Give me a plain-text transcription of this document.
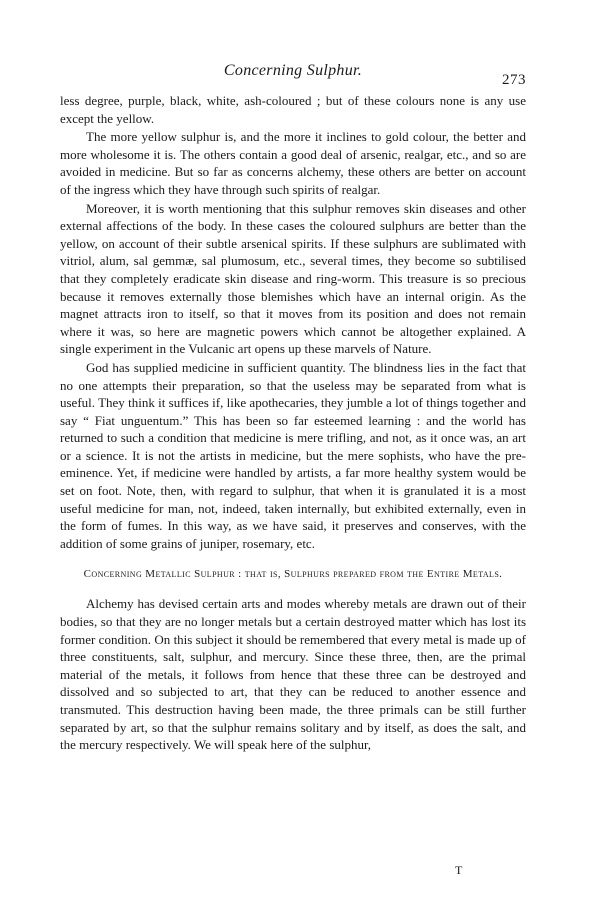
Concerning Sulphur.
273

less degree, purple, black, white, ash-coloured ; but of these colours none is any use except the yellow.

The more yellow sulphur is, and the more it inclines to gold colour, the better and more wholesome it is. The others contain a good deal of arsenic, realgar, etc., and so are avoided in medicine. But so far as concerns alchemy, these others are better on account of the ingress which they have through such spirits of realgar.

Moreover, it is worth mentioning that this sulphur removes skin diseases and other external affections of the body. In these cases the coloured sulphurs are better than the yellow, on account of their subtle arsenical spirits. If these sulphurs are sublimated with vitriol, alum, sal gemmæ, sal plumosum, etc., several times, they become so subtilised that they completely eradicate skin disease and ring-worm. This treasure is so precious because it removes externally those blemishes which have an internal origin. As the magnet attracts iron to itself, so that it moves from its position and does not remain where it was, so here are magnetic powers which cannot be altogether explained. A single experiment in the Vulcanic art opens up these marvels of Nature.

God has supplied medicine in sufficient quantity. The blindness lies in the fact that no one attempts their preparation, so that the useless may be separated from what is useful. They think it suffices if, like apothecaries, they jumble a lot of things together and say “ Fiat unguentum.” This has been so far esteemed learning : and the world has returned to such a condition that medicine is mere trifling, and not, as it once was, an art or a science. It is not the artists in medicine, but the mere sophists, who have the pre-eminence. Yet, if medicine were handled by artists, a far more healthy system would be set on foot. Note, then, with regard to sulphur, that when it is granulated it is a most useful medicine for man, not, indeed, taken internally, but exhibited externally, even in the form of fumes. In this way, as we have said, it preserves and conserves, with the addition of some grains of juniper, rosemary, etc.

Concerning Metallic Sulphur : that is, Sulphurs prepared from the Entire Metals.

Alchemy has devised certain arts and modes whereby metals are drawn out of their bodies, so that they are no longer metals but a certain destroyed matter which has lost its former condition. On this subject it should be remembered that every metal is made up of three constituents, salt, sulphur, and mercury. Since these three, then, are the primal material of the metals, it follows from hence that these three can be destroyed and dissolved and so subjected to art, that they can be reduced to another essence and transmuted. This destruction having been made, the three primals can be still further separated by art, so that the sulphur remains solitary and by itself, as does the salt, and the mercury respectively. We will speak here of the sulphur,

T
